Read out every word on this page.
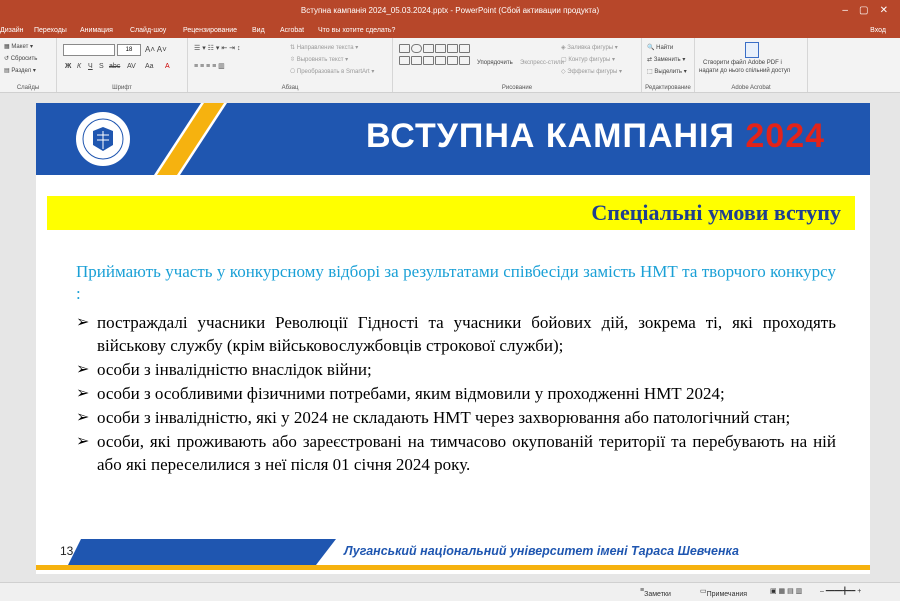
Вступна кампанія 2024_05.03.2024.pptx - PowerPoint (Сбой активации продукта)	– ▢ ✕
Дизайн Переходы Анимация Слайд-шоу Рецензирование Вид Acrobat Что вы хотите сделать?	Вход
▦ Макет ▾
↺ Сбросить
▤ Раздел ▾
Слайды
18	A˄ A˅
Ж К Ч S abc AV Aa A
Шрифт
☰ ▾ ☷ ▾ ⇤ ⇥ ↕
≡ ≡ ≡ ≡ ▥
⇅ Направление текста ▾
⇳ Выровнять текст ▾
⎔ Преобразовать в SmartArt ▾
Абзац
Упорядочить Экспресс-стили
◈ Заливка фигуры ▾
▢ Контур фигуры ▾
◇ Эффекты фигуры ▾
Рисование
🔍 Найти
⇄ Заменить ▾
⬚ Выделить ▾
Редактирование
Створити файл Adobe PDF і
надати до нього спільний доступ
Adobe Acrobat
ВСТУПНА КАМПАНІЯ 2024
Спеціальні умови вступу
Приймають участь у конкурсному відборі за результатами співбесіди замість НМТ та творчого конкурсу :
➢ постраждалі учасники Революції Гідності та учасники бойових дій, зокрема ті, які проходять військову службу (крім військовослужбовців строкової служби);
➢ особи з інвалідністю внаслідок війни;
➢ особи з особливими фізичними потребами, яким відмовили у проходженні НМТ 2024;
➢ особи з інвалідністю, які у 2024 не складають НМТ через захворювання або патологічний стан;
➢ особи, які проживають або зареєстровані на тимчасово окупованій території та перебувають на ній або які переселилися з неї після 01 січня 2024 року.
13	Луганський національний університет імені Тараса Шевченка
≡
Заметки	▭ Примечания	▣ ▦ ▤ ▥	– ━━━━╋━━ +
